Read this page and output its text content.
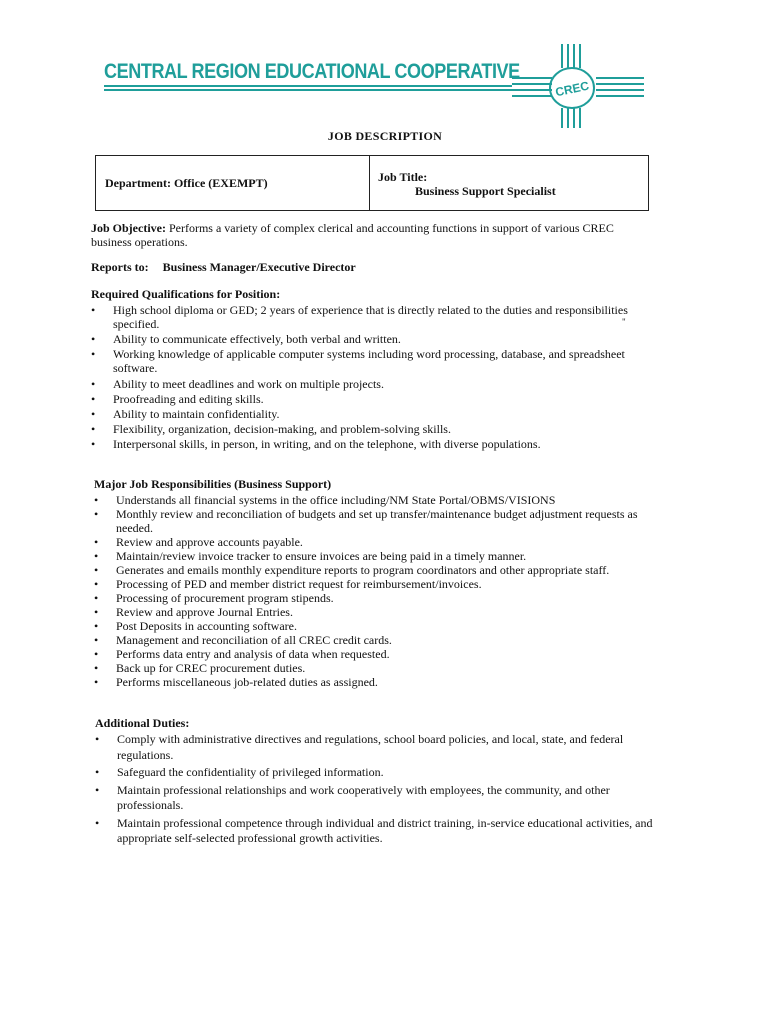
CREC
CENTRAL REGION EDUCATIONAL COOPERATIVE
JOB DESCRIPTION
Department: Office (EXEMPT)	Job Title:
Business Support Specialist
Job Objective: Performs a variety of complex clerical and accounting functions in support of various CREC business operations.
Reports to: Business Manager/Executive Director
Required Qualifications for Position:
• High school diploma or GED; 2 years of experience that is directly related to the duties and responsibilities specified.
• Ability to communicate effectively, both verbal and written.
• Working knowledge of applicable computer systems including word processing, database, and spreadsheet software.
• Ability to meet deadlines and work on multiple projects.
• Proofreading and editing skills.
• Ability to maintain confidentiality.
• Flexibility, organization, decision-making, and problem-solving skills.
• Interpersonal skills, in person, in writing, and on the telephone, with diverse populations.
"
Major Job Responsibilities (Business Support)
• Understands all financial systems in the office including/NM State Portal/OBMS/VISIONS
• Monthly review and reconciliation of budgets and set up transfer/maintenance budget adjustment requests as needed.
• Review and approve accounts payable.
• Maintain/review invoice tracker to ensure invoices are being paid in a timely manner.
• Generates and emails monthly expenditure reports to program coordinators and other appropriate staff.
• Processing of PED and member district request for reimbursement/invoices.
• Processing of procurement program stipends.
• Review and approve Journal Entries.
• Post Deposits in accounting software.
• Management and reconciliation of all CREC credit cards.
• Performs data entry and analysis of data when requested.
• Back up for CREC procurement duties.
• Performs miscellaneous job-related duties as assigned.
Additional Duties:
• Comply with administrative directives and regulations, school board policies, and local, state, and federal regulations.
• Safeguard the confidentiality of privileged information.
• Maintain professional relationships and work cooperatively with employees, the community, and other professionals.
• Maintain professional competence through individual and district training, in-service educational activities, and appropriate self-selected professional growth activities.
